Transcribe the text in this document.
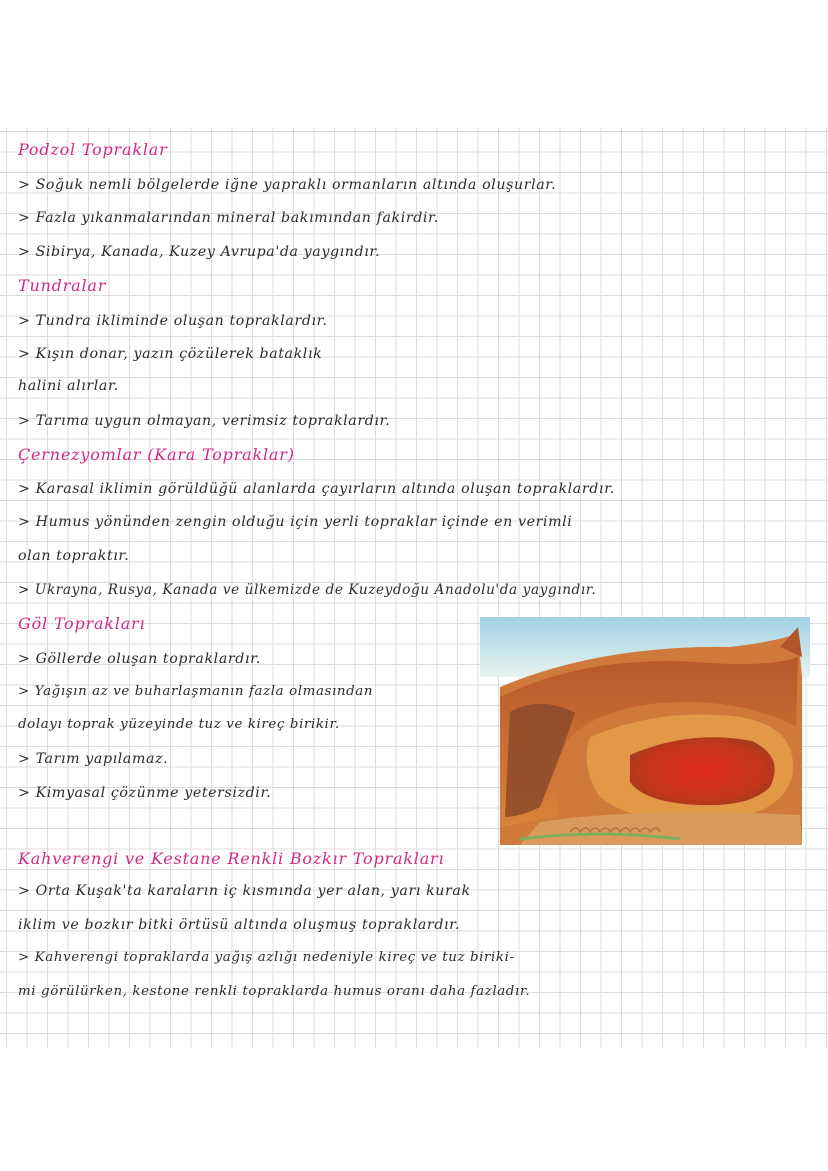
Podzol Topraklar
> Soğuk nemli bölgelerde iğne yapraklı ormanların altında oluşurlar.
> Fazla yıkanmalarından mineral bakımından fakirdir.
> Sibirya, Kanada, Kuzey Avrupa'da yaygındır.
Tundralar
> Tundra ikliminde oluşan topraklardır.
> Kışın donar, yazın çözülerek bataklık
halini alırlar.
> Tarıma uygun olmayan, verimsiz topraklardır.
Çernezyomlar (Kara Topraklar)
> Karasal iklimin görüldüğü alanlarda çayırların altında oluşan topraklardır.
> Humus yönünden zengin olduğu için yerli topraklar içinde en verimli
olan topraktır.
> Ukrayna, Rusya, Kanada ve ülkemizde de Kuzeydoğu Anadolu'da yaygındır.
Göl Toprakları
> Göllerde oluşan topraklardır.
> Yağışın az ve buharlaşmanın fazla olmasından
dolayı toprak yüzeyinde tuz ve kireç birikir.
> Tarım yapılamaz.
> Kimyasal çözünme yetersizdir.
Kahverengi ve Kestane Renkli Bozkır Toprakları
> Orta Kuşak'ta karaların iç kısmında yer alan, yarı kurak
iklim ve bozkır bitki örtüsü altında oluşmuş topraklardır.
> Kahverengi topraklarda yağış azlığı nedeniyle kireç ve tuz biriki-
mi görülürken, kestone renkli topraklarda humus oranı daha fazladır.
